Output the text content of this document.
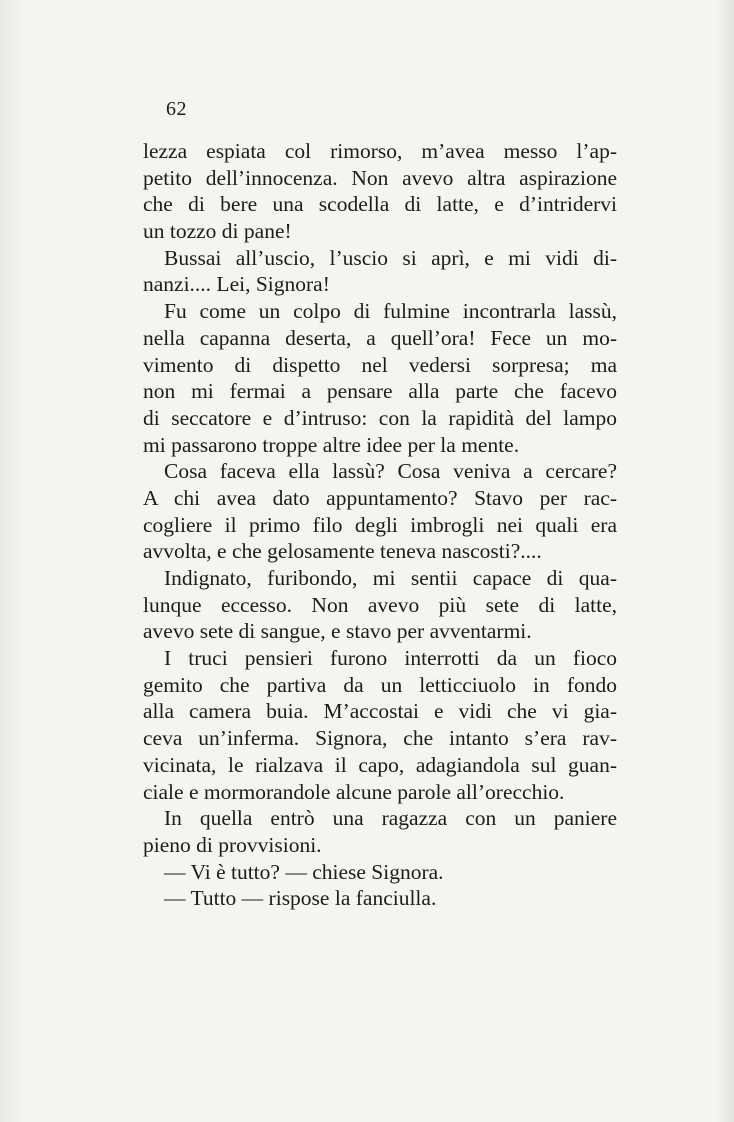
62
lezza espiata col rimorso, m’avea messo l’ap-
petito dell’innocenza. Non avevo altra aspirazione
che di bere una scodella di latte, e d’intridervi
un tozzo di pane!
Bussai all’uscio, l’uscio si aprì, e mi vidi di-
nanzi.... Lei, Signora!
Fu come un colpo di fulmine incontrarla lassù,
nella capanna deserta, a quell’ora! Fece un mo-
vimento di dispetto nel vedersi sorpresa; ma
non mi fermai a pensare alla parte che facevo
di seccatore e d’intruso: con la rapidità del lampo
mi passarono troppe altre idee per la mente.
Cosa faceva ella lassù? Cosa veniva a cercare?
A chi avea dato appuntamento? Stavo per rac-
cogliere il primo filo degli imbrogli nei quali era
avvolta, e che gelosamente teneva nascosti?....
Indignato, furibondo, mi sentii capace di qua-
lunque eccesso. Non avevo più sete di latte,
avevo sete di sangue, e stavo per avventarmi.
I truci pensieri furono interrotti da un fioco
gemito che partiva da un letticciuolo in fondo
alla camera buia. M’accostai e vidi che vi gia-
ceva un’inferma. Signora, che intanto s’era rav-
vicinata, le rialzava il capo, adagiandola sul guan-
ciale e mormorandole alcune parole all’orecchio.
In quella entrò una ragazza con un paniere
pieno di provvisioni.
— Vi è tutto? — chiese Signora.
— Tutto — rispose la fanciulla.
